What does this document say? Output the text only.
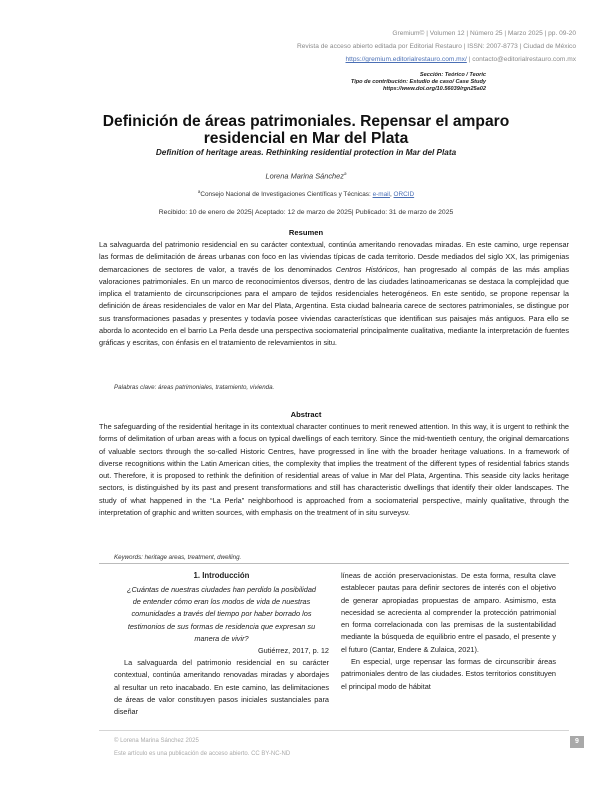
Gremium© | Volumen 12 | Número 25 | Marzo 2025 | pp. 09-20
Revista de acceso abierto editada por Editorial Restauro | ISSN: 2007-8773 | Ciudad de México
https://gremium.editorialrestauro.com.mx/ | contacto@editorialrestauro.com.mx
Sección: Teórico / Teoric
Tipo de contribución: Estudio de caso/ Case Study
https://www.doi.org/10.56039/rgn25a02
Definición de áreas patrimoniales. Repensar el amparo residencial en Mar del Plata
Definition of heritage areas. Rethinking residential protection in Mar del Plata
Lorena Marina Sánchez$^a$
$^a$Consejo Nacional de Investigaciones Científicas y Técnicas: e-mail, ORCID
Recibido: 10 de enero de 2025| Aceptado: 12 de marzo de 2025| Publicado: 31 de marzo de 2025
Resumen
La salvaguarda del patrimonio residencial en su carácter contextual, continúa ameritando renovadas miradas. En este camino, urge repensar las formas de delimitación de áreas urbanas con foco en las viviendas típicas de cada territorio. Desde mediados del siglo XX, las primigenias demarcaciones de sectores de valor, a través de los denominados Centros Históricos, han progresado al compás de las más amplias valoraciones patrimoniales. En un marco de reconocimientos diversos, dentro de las ciudades latinoamericanas se destaca la complejidad que implica el tratamiento de circunscripciones para el amparo de tejidos residenciales heterogéneos. En este sentido, se propone repensar la definición de áreas residenciales de valor en Mar del Plata, Argentina. Esta ciudad balnearia carece de sectores patrimoniales, se distingue por sus transformaciones pasadas y presentes y todavía posee viviendas características que identifican sus paisajes más antiguos. Para ello se aborda lo acontecido en el barrio La Perla desde una perspectiva sociomaterial principalmente cualitativa, mediante la interpretación de fuentes gráficas y escritas, con énfasis en el tratamiento de relevamientos in situ.
Palabras clave: áreas patrimoniales, tratamiento, vivienda.
Abstract
The safeguarding of the residential heritage in its contextual character continues to merit renewed attention. In this way, it is urgent to rethink the forms of delimitation of urban areas with a focus on typical dwellings of each territory. Since the mid-twentieth century, the original demarcations of valuable sectors through the so-called Historic Centres, have progressed in line with the broader heritage valuations. In a framework of diverse recognitions within the Latin American cities, the complexity that implies the treatment of the different types of residential fabrics stands out. Therefore, it is proposed to rethink the definition of residential areas of value in Mar del Plata, Argentina. This seaside city lacks heritage sectors, is distinguished by its past and present transformations and still has characteristic dwellings that identify their older landscapes. The study of what happened in the “La Perla” neighborhood is approached from a sociomaterial perspective, mainly qualitative, through the interpretation of graphic and written sources, with emphasis on the treatment of in situ surveysv.
Keywords: heritage areas, treatment, dwelling.
1. Introducción

¿Cuántas de nuestras ciudades han perdido la posibilidad de entender cómo eran los modos de vida de nuestras comunidades a través del tiempo por haber borrado los testimonios de sus formas de residencia que expresan su manera de vivir?

Gutiérrez, 2017, p. 12

La salvaguarda del patrimonio residencial en su carácter contextual, continúa ameritando renovadas miradas y abordajes al resultar un reto inacabado. En este camino, las delimitaciones de áreas de valor constituyen pasos iniciales sustanciales para diseñar

líneas de acción preservacionistas. De esta forma, resulta clave establecer pautas para definir sectores de interés con el objetivo de generar apropiadas propuestas de amparo. Asimismo, esta necesidad se acrecienta al comprender la protección patrimonial en forma correlacionada con las premisas de la sustentabilidad mediante la búsqueda de equilibrio entre el pasado, el presente y el futuro (Cantar, Endere & Zulaica, 2021).

En especial, urge repensar las formas de circunscribir áreas patrimoniales dentro de las ciudades. Estos territorios constituyen el principal modo de hábitat

© Lorena Marina Sánchez 2025
Este artículo es una publicación de acceso abierto. CC BY-NC-ND
9
